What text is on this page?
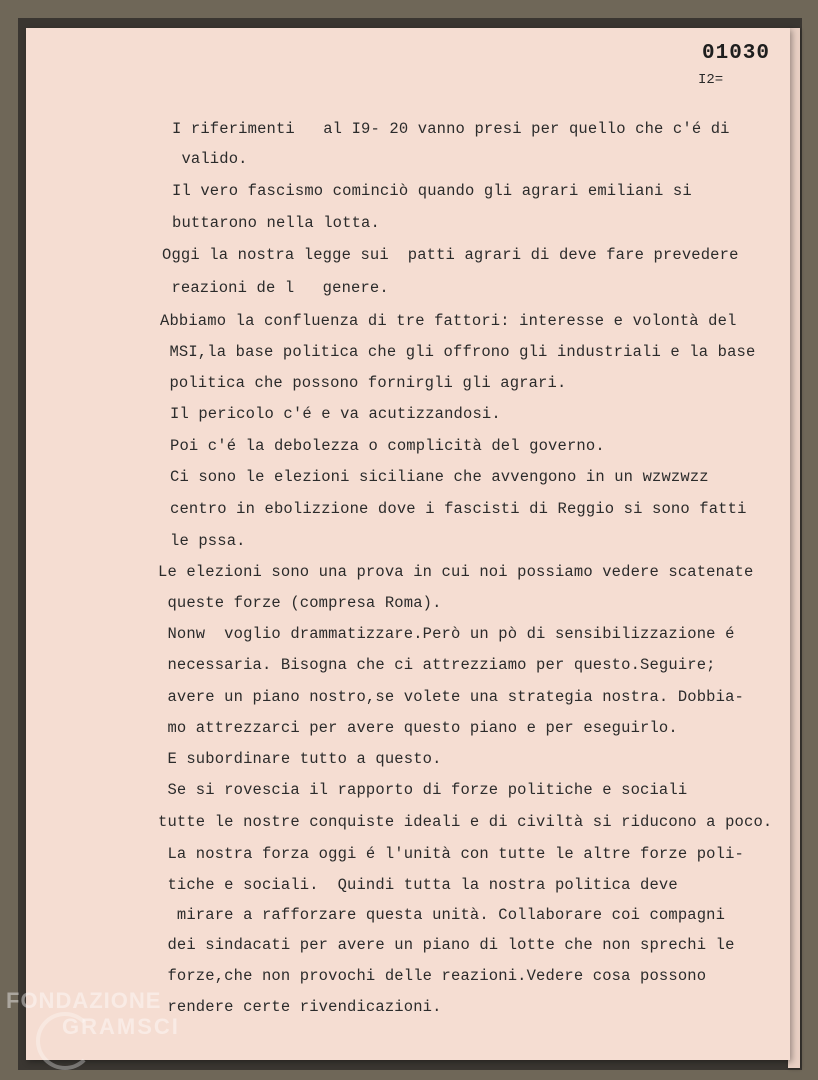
01030
I2=
I riferimenti   al I9- 20 vanno presi per quello che c'é di
valido.
Il vero fascismo cominciò quando gli agrari emiliani si
buttarono nella lotta.
Oggi la nostra legge sui  patti agrari di deve fare prevedere
reazioni de l   genere.
Abbiamo la confluenza di tre fattori: interesse e volontà del
MSI,la base politica che gli offrono gli industriali e la base
politica che possono fornirgli gli agrari.
Il pericolo c'é e va acutizzandosi.
Poi c'é la debolezza o complicità del governo.
Ci sono le elezioni siciliane che avvengono in un wzwzwzz
centro in ebolizzione dove i fascisti di Reggio si sono fatti
le pssa.
Le elezioni sono una prova in cui noi possiamo vedere scatenate
queste forze (compresa Roma).
Nonw  voglio drammatizzare.Però un pò di sensibilizzazione é
necessaria. Bisogna che ci attrezziamo per questo.Seguire;
avere un piano nostro,se volete una strategia nostra. Dobbia-
mo attrezzarci per avere questo piano e per eseguirlo.
E subordinare tutto a questo.
Se si rovescia il rapporto di forze politiche e sociali
tutte le nostre conquiste ideali e di civiltà si riducono a poco.
La nostra forza oggi é l'unità con tutte le altre forze poli-
tiche e sociali.  Quindi tutta la nostra politica deve
mirare a rafforzare questa unità. Collaborare coi compagni
dei sindacati per avere un piano di lotte che non sprechi le
forze,che non provochi delle reazioni.Vedere cosa possono
rendere certe rivendicazioni.
FONDAZIONE
GRAMSCI
